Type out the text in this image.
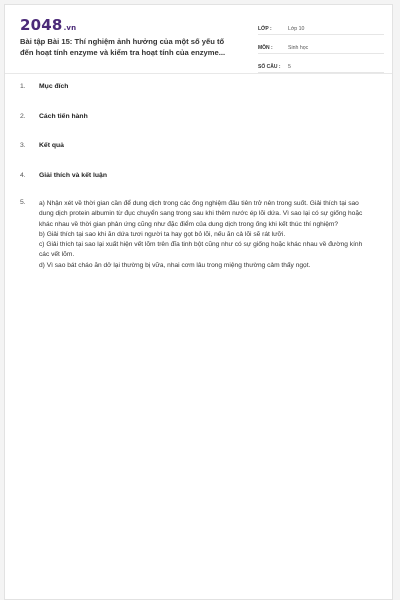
2048.vn
Bài tập Bài 15: Thí nghiệm ảnh hưởng của một số yếu tố đến hoạt tính enzyme và kiểm tra hoạt tính của enzyme...
LỚP :	Lớp 10
MÔN :	Sinh học
SỐ CÂU :	5
1.	Mục đích
2.	Cách tiến hành
3.	Kết quả
4.	Giải thích và kết luận
5.	a) Nhận xét về thời gian cần để dung dịch trong các ống nghiệm đầu tiên trở nên trong suốt. Giải thích tại sao dung dịch protein albumin từ đục chuyển sang trong sau khi thêm nước ép lõi dứa. Vì sao lại có sự giống hoặc khác nhau về thời gian phản ứng cũng như đặc điểm của dung dịch trong ống khi kết thúc thí nghiệm?

b) Giải thích tại sao khi ăn dứa tươi người ta hay gọt bỏ lõi, nếu ăn cả lõi sẽ rát lưỡi.

c) Giải thích tại sao lại xuất hiện vết lõm trên đĩa tinh bột cũng như có sự giống hoặc khác nhau về đường kính các vết lõm.

d) Vì sao bát cháo ăn dở lại thường bị vữa, nhai cơm lâu trong miệng thường cảm thấy ngọt.
